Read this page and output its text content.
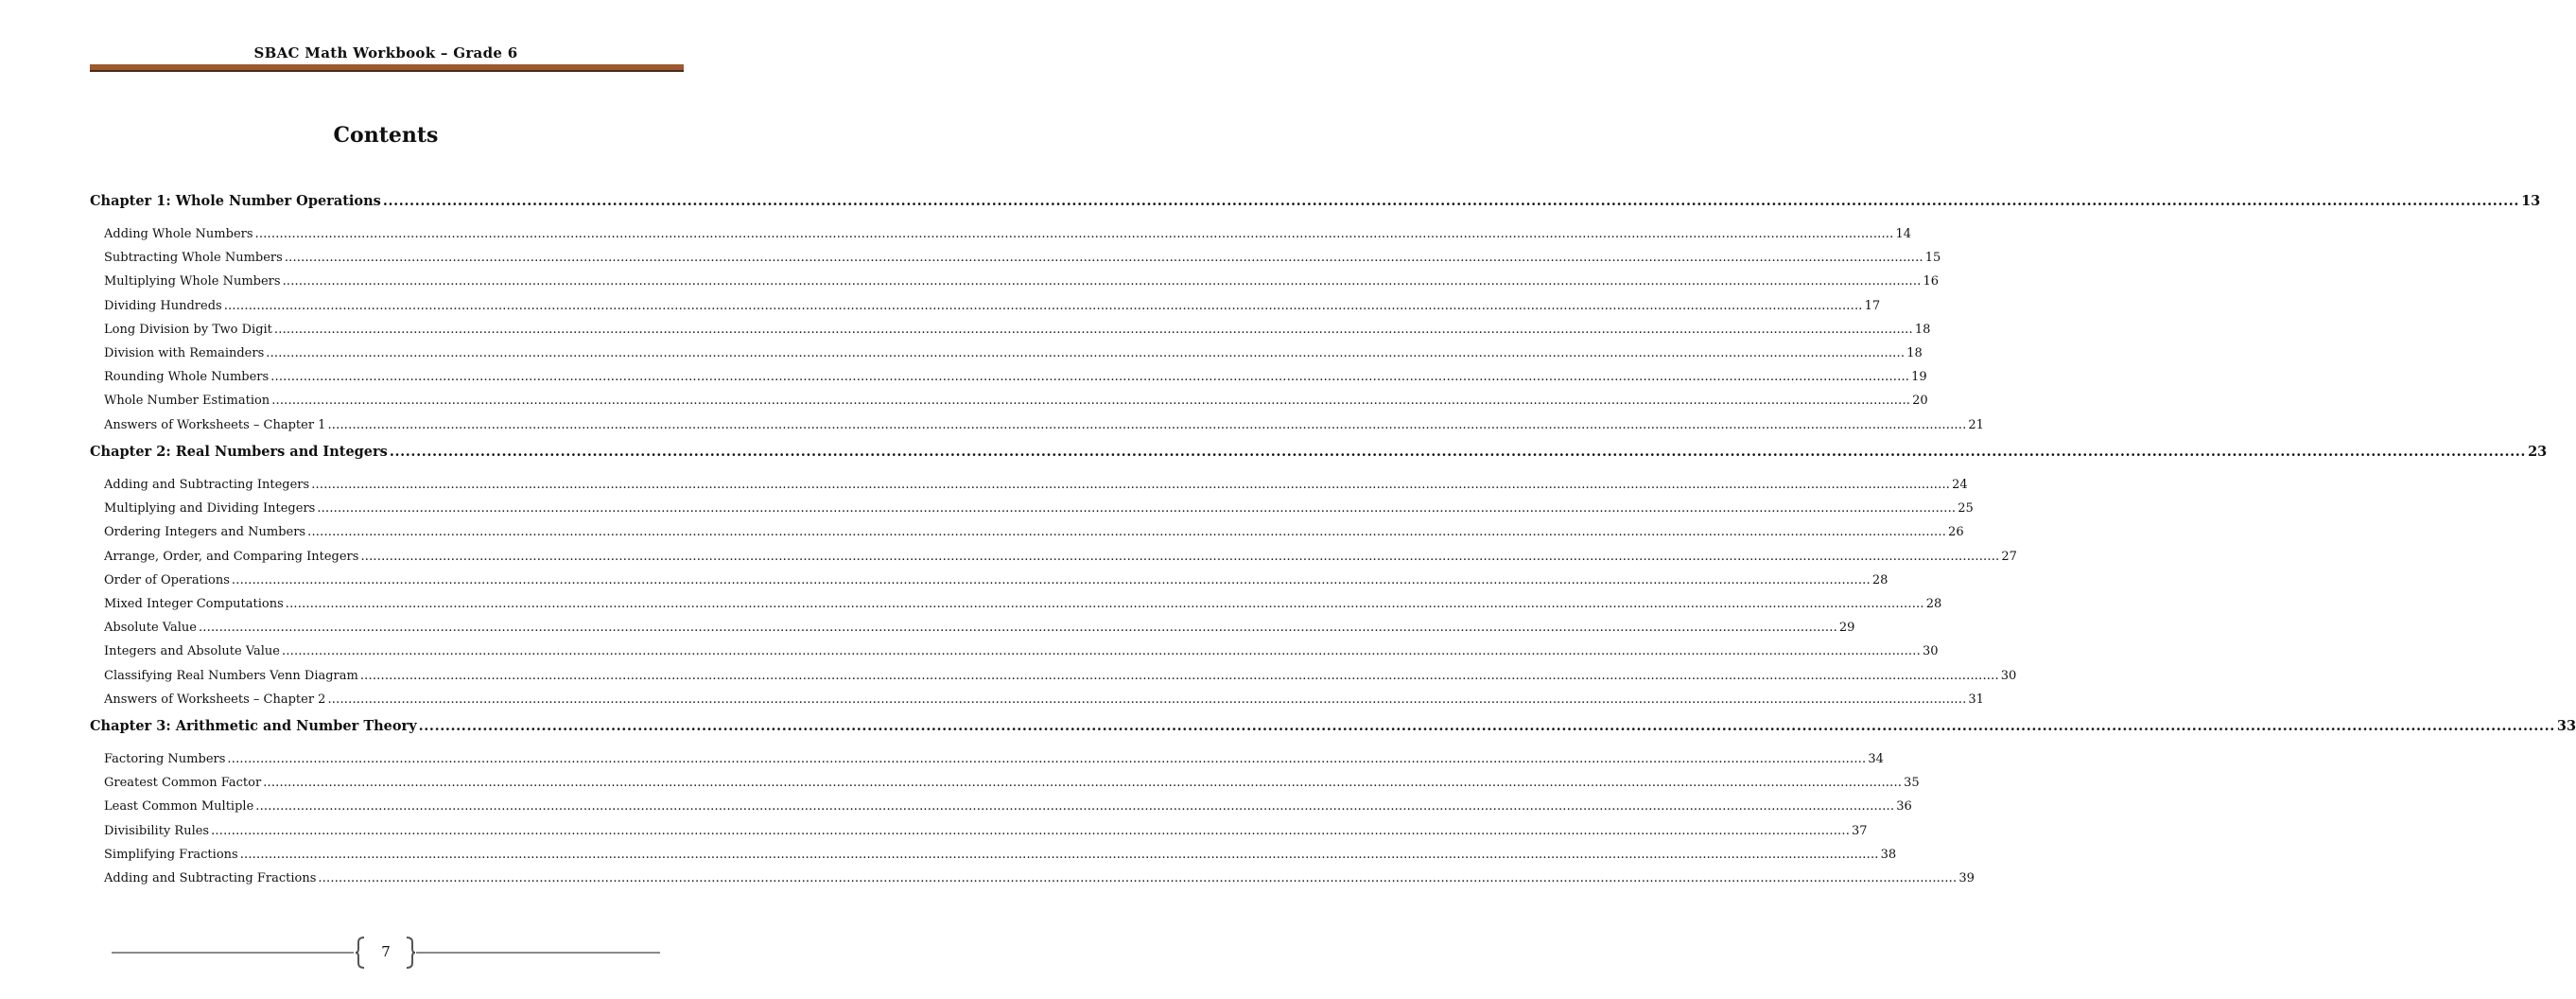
SBAC Math Workbook – Grade 6
Contents
Chapter 1: Whole Number Operations ................................................................................................................................................................................................................................................................................................................................................................................................................ 13
Adding Whole Numbers ................................................................................................................................................................................................................................................................................................................................................................................................................ 14
Subtracting Whole Numbers ................................................................................................................................................................................................................................................................................................................................................................................................................ 15
Multiplying Whole Numbers ................................................................................................................................................................................................................................................................................................................................................................................................................ 16
Dividing Hundreds ................................................................................................................................................................................................................................................................................................................................................................................................................ 17
Long Division by Two Digit ................................................................................................................................................................................................................................................................................................................................................................................................................ 18
Division with Remainders ................................................................................................................................................................................................................................................................................................................................................................................................................ 18
Rounding Whole Numbers ................................................................................................................................................................................................................................................................................................................................................................................................................ 19
Whole Number Estimation ................................................................................................................................................................................................................................................................................................................................................................................................................ 20
Answers of Worksheets – Chapter 1 ................................................................................................................................................................................................................................................................................................................................................................................................................ 21
Chapter 2: Real Numbers and Integers ................................................................................................................................................................................................................................................................................................................................................................................................................ 23
Adding and Subtracting Integers ................................................................................................................................................................................................................................................................................................................................................................................................................ 24
Multiplying and Dividing Integers ................................................................................................................................................................................................................................................................................................................................................................................................................ 25
Ordering Integers and Numbers ................................................................................................................................................................................................................................................................................................................................................................................................................ 26
Arrange, Order, and Comparing Integers ................................................................................................................................................................................................................................................................................................................................................................................................................ 27
Order of Operations ................................................................................................................................................................................................................................................................................................................................................................................................................ 28
Mixed Integer Computations ................................................................................................................................................................................................................................................................................................................................................................................................................ 28
Absolute Value ................................................................................................................................................................................................................................................................................................................................................................................................................ 29
Integers and Absolute Value ................................................................................................................................................................................................................................................................................................................................................................................................................ 30
Classifying Real Numbers Venn Diagram ................................................................................................................................................................................................................................................................................................................................................................................................................ 30
Answers of Worksheets – Chapter 2 ................................................................................................................................................................................................................................................................................................................................................................................................................ 31
Chapter 3: Arithmetic and Number Theory ................................................................................................................................................................................................................................................................................................................................................................................................................ 33
Factoring Numbers ................................................................................................................................................................................................................................................................................................................................................................................................................ 34
Greatest Common Factor ................................................................................................................................................................................................................................................................................................................................................................................................................ 35
Least Common Multiple ................................................................................................................................................................................................................................................................................................................................................................................................................ 36
Divisibility Rules ................................................................................................................................................................................................................................................................................................................................................................................................................ 37
Simplifying Fractions ................................................................................................................................................................................................................................................................................................................................................................................................................ 38
Adding and Subtracting Fractions ................................................................................................................................................................................................................................................................................................................................................................................................................ 39
7
